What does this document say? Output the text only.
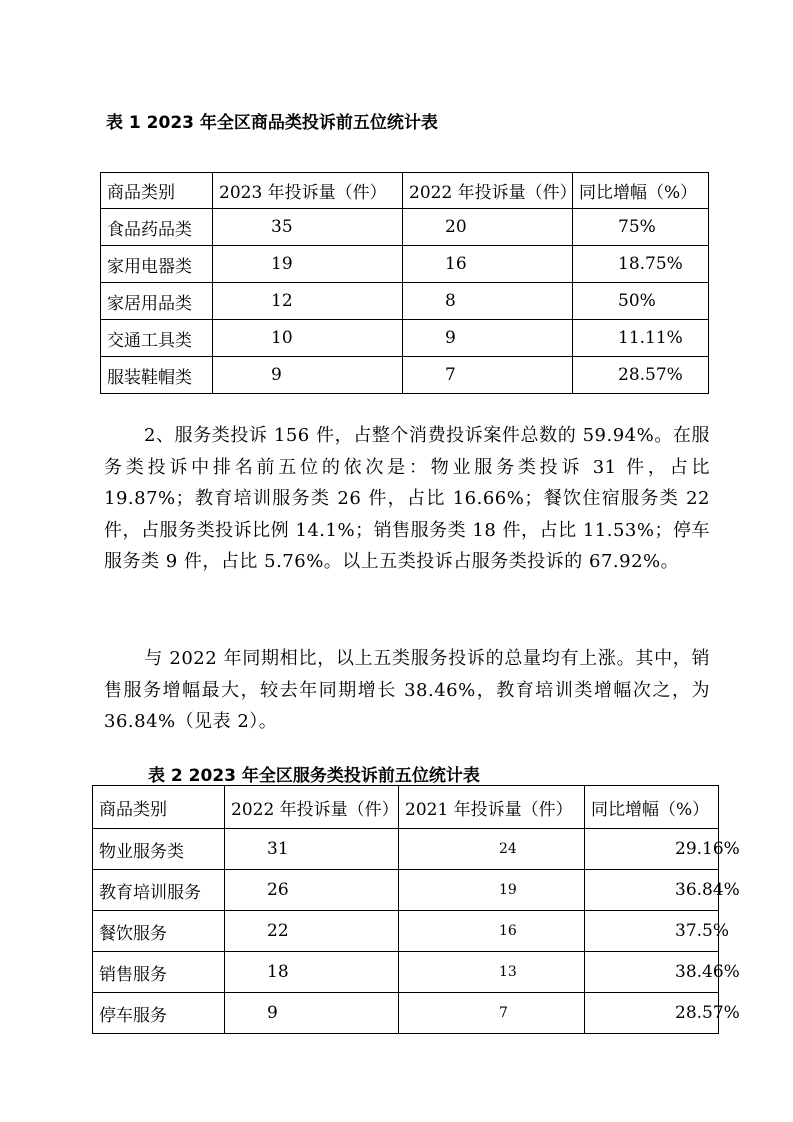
表 1 2023 年全区商品类投诉前五位统计表
商品类别	2023 年投诉量（件）	2022 年投诉量（件）	同比增幅（%）
食品药品类	35	20	75%
家用电器类	19	16	18.75%
家居用品类	12	8	50%
交通工具类	10	9	11.11%
服装鞋帽类	9	7	28.57%
2、服务类投诉 156 件，占整个消费投诉案件总数的 59.94%。在服务类投诉中排名前五位的依次是：物业服务类投诉 31 件，占比 19.87%；教育培训服务类 26 件，占比 16.66%；餐饮住宿服务类 22 件，占服务类投诉比例 14.1%；销售服务类 18 件，占比 11.53%；停车服务类 9 件，占比 5.76%。以上五类投诉占服务类投诉的 67.92%。
与 2022 年同期相比，以上五类服务投诉的总量均有上涨。其中，销售服务增幅最大，较去年同期增长 38.46%，教育培训类增幅次之，为 36.84%（见表 2）。
表 2 2023 年全区服务类投诉前五位统计表
商品类别	2022 年投诉量（件）	2021 年投诉量（件）	同比增幅（%）
物业服务类	31	24	29.16%
教育培训服务	26	19	36.84%
餐饮服务	22	16	37.5%
销售服务	18	13	38.46%
停车服务	9	7	28.57%
